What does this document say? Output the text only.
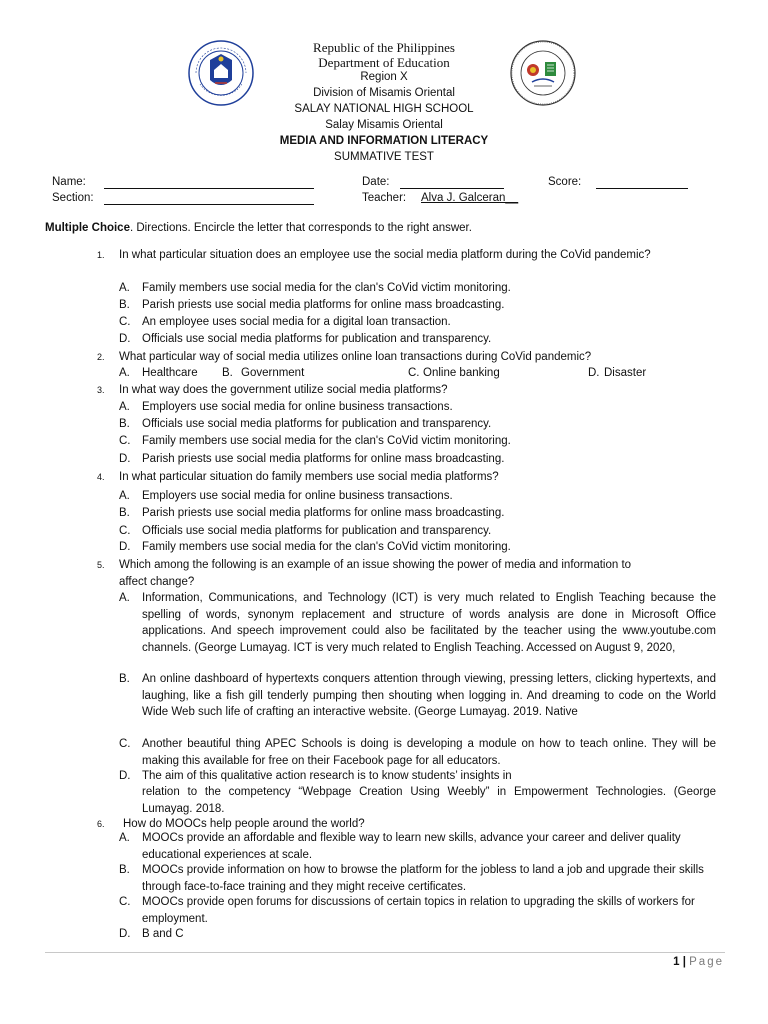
Republic of the Philippines
Department of Education
Region X
Division of Misamis Oriental
SALAY NATIONAL HIGH SCHOOL
Salay Misamis Oriental
MEDIA AND INFORMATION LITERACY
SUMMATIVE TEST
Name:	Date:	Score:
Section:	Teacher: Alva J. Galceran__
Multiple Choice. Directions. Encircle the letter that corresponds to the right answer.
1. In what particular situation does an employee use the social media platform during the CoVid pandemic?
A. Family members use social media for the clan's CoVid victim monitoring.
B. Parish priests use social media platforms for online mass broadcasting.
C. An employee uses social media for a digital loan transaction.
D. Officials use social media platforms for publication and transparency.
2. What particular way of social media utilizes online loan transactions during CoVid pandemic?
A. Healthcare B. Government	C. Online banking	D. Disaster
3. In what way does the government utilize social media platforms?
A. Employers use social media for online business transactions.
B. Officials use social media platforms for publication and transparency.
C. Family members use social media for the clan's CoVid victim monitoring.
D. Parish priests use social media platforms for online mass broadcasting.
4. In what particular situation do family members use social media platforms?
A. Employers use social media for online business transactions.
B. Parish priests use social media platforms for online mass broadcasting.
C. Officials use social media platforms for publication and transparency.
D. Family members use social media for the clan's CoVid victim monitoring.
5. Which among the following is an example of an issue showing the power of media and information to affect change?
A. Information, Communications, and Technology (ICT) is very much related to English Teaching because the spelling of words, synonym replacement and structure of words analysis are done in Microsoft Office applications. And speech improvement could also be facilitated by the teacher using the www.youtube.com channels. (George Lumayag. ICT is very much related to English Teaching. Accessed on August 9, 2020,
B. An online dashboard of hypertexts conquers attention through viewing, pressing letters, clicking hypertexts, and laughing, like a fish gill tenderly pumping then shouting when logging in. And dreaming to code on the World Wide Web such life of crafting an interactive website. (George Lumayag. 2019. Native
C. Another beautiful thing APEC Schools is doing is developing a module on how to teach online. They will be making this available for free on their Facebook page for all educators.
D. The aim of this qualitative action research is to know students’ insights in
relation to the competency “Webpage Creation Using Weebly” in Empowerment Technologies. (George Lumayag. 2018.
6. How do MOOCs help people around the world?
A. MOOCs provide an affordable and flexible way to learn new skills, advance your career and deliver quality educational experiences at scale.
B. MOOCs provide information on how to browse the platform for the jobless to land a job and upgrade their skills through face-to-face training and they might receive certificates.
C. MOOCs provide open forums for discussions of certain topics in relation to upgrading the skills of workers for employment.
D. B and C
1 | Page
